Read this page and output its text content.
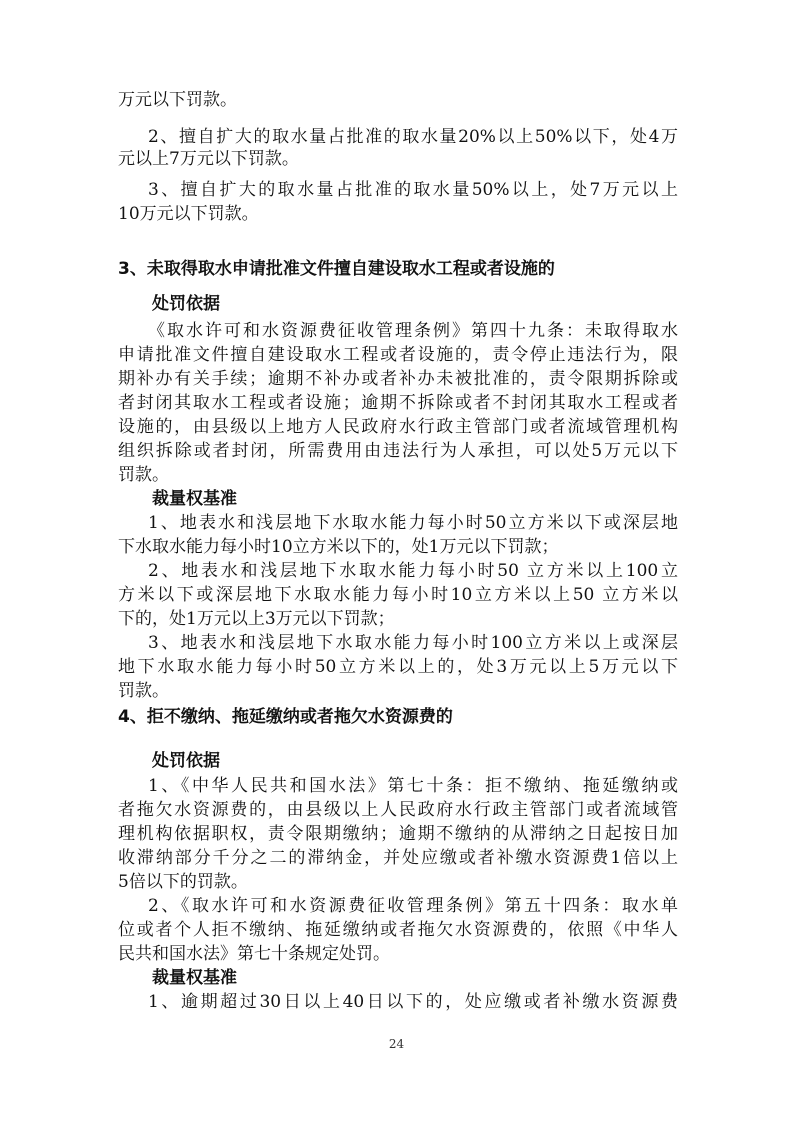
万元以下罚款。
2、擅自扩大的取水量占批准的取水量20%以上50%以下，处4万
元以上7万元以下罚款。
3、擅自扩大的取水量占批准的取水量50%以上，处7万元以上
10万元以下罚款。
3、未取得取水申请批准文件擅自建设取水工程或者设施的
处罚依据
《取水许可和水资源费征收管理条例》第四十九条：未取得取水
申请批准文件擅自建设取水工程或者设施的，责令停止违法行为，限
期补办有关手续；逾期不补办或者补办未被批准的，责令限期拆除或
者封闭其取水工程或者设施；逾期不拆除或者不封闭其取水工程或者
设施的，由县级以上地方人民政府水行政主管部门或者流域管理机构
组织拆除或者封闭，所需费用由违法行为人承担，可以处5万元以下
罚款。
裁量权基准
1、地表水和浅层地下水取水能力每小时50立方米以下或深层地
下水取水能力每小时10立方米以下的，处1万元以下罚款；
2、地表水和浅层地下水取水能力每小时50 立方米以上100立
方米以下或深层地下水取水能力每小时10立方米以上50 立方米以
下的，处1万元以上3万元以下罚款；
3、地表水和浅层地下水取水能力每小时100立方米以上或深层
地下水取水能力每小时50立方米以上的，处3万元以上5万元以下
罚款。
4、拒不缴纳、拖延缴纳或者拖欠水资源费的
处罚依据
1、《中华人民共和国水法》第七十条：拒不缴纳、拖延缴纳或
者拖欠水资源费的，由县级以上人民政府水行政主管部门或者流域管
理机构依据职权，责令限期缴纳；逾期不缴纳的从滞纳之日起按日加
收滞纳部分千分之二的滞纳金，并处应缴或者补缴水资源费1倍以上
5倍以下的罚款。
2、《取水许可和水资源费征收管理条例》第五十四条：取水单
位或者个人拒不缴纳、拖延缴纳或者拖欠水资源费的，依照《中华人
民共和国水法》第七十条规定处罚。
裁量权基准
1、逾期超过30日以上40日以下的，处应缴或者补缴水资源费
24
